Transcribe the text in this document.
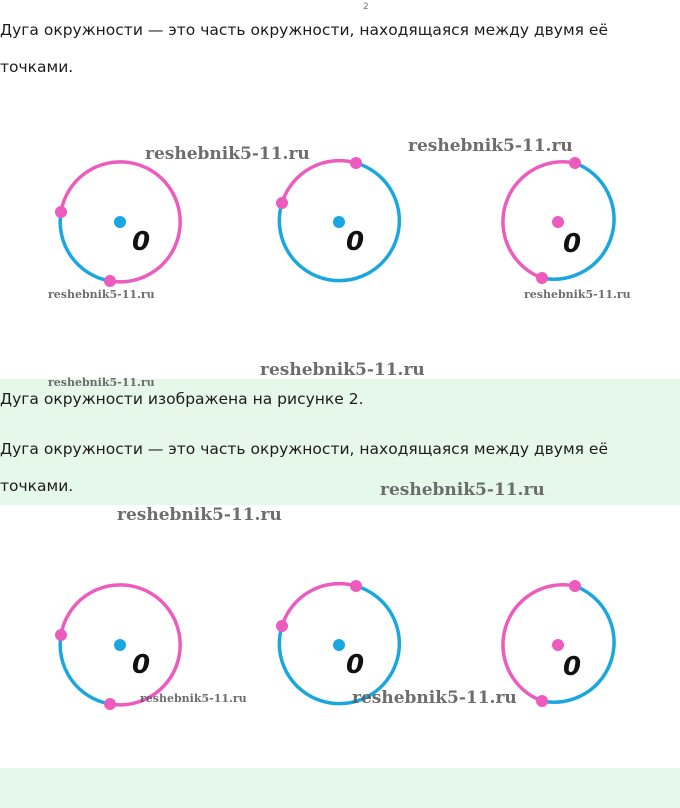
2

Дуга окружности — это часть окружности, находящаяся между двумя её

точками.

0	0	0

Дуга окружности изображена на рисунке 2.

Дуга окружности — это часть окружности, находящаяся между двумя её

точками.

0	0	0
reshebnik5-11.ru	reshebnik5-11.ru
reshebnik5-11.ru	reshebnik5-11.ru
reshebnik5-11.ru
reshebnik5-11.ru
reshebnik5-11.ru
reshebnik5-11.ru
reshebnik5-11.ru	reshebnik5-11.ru
